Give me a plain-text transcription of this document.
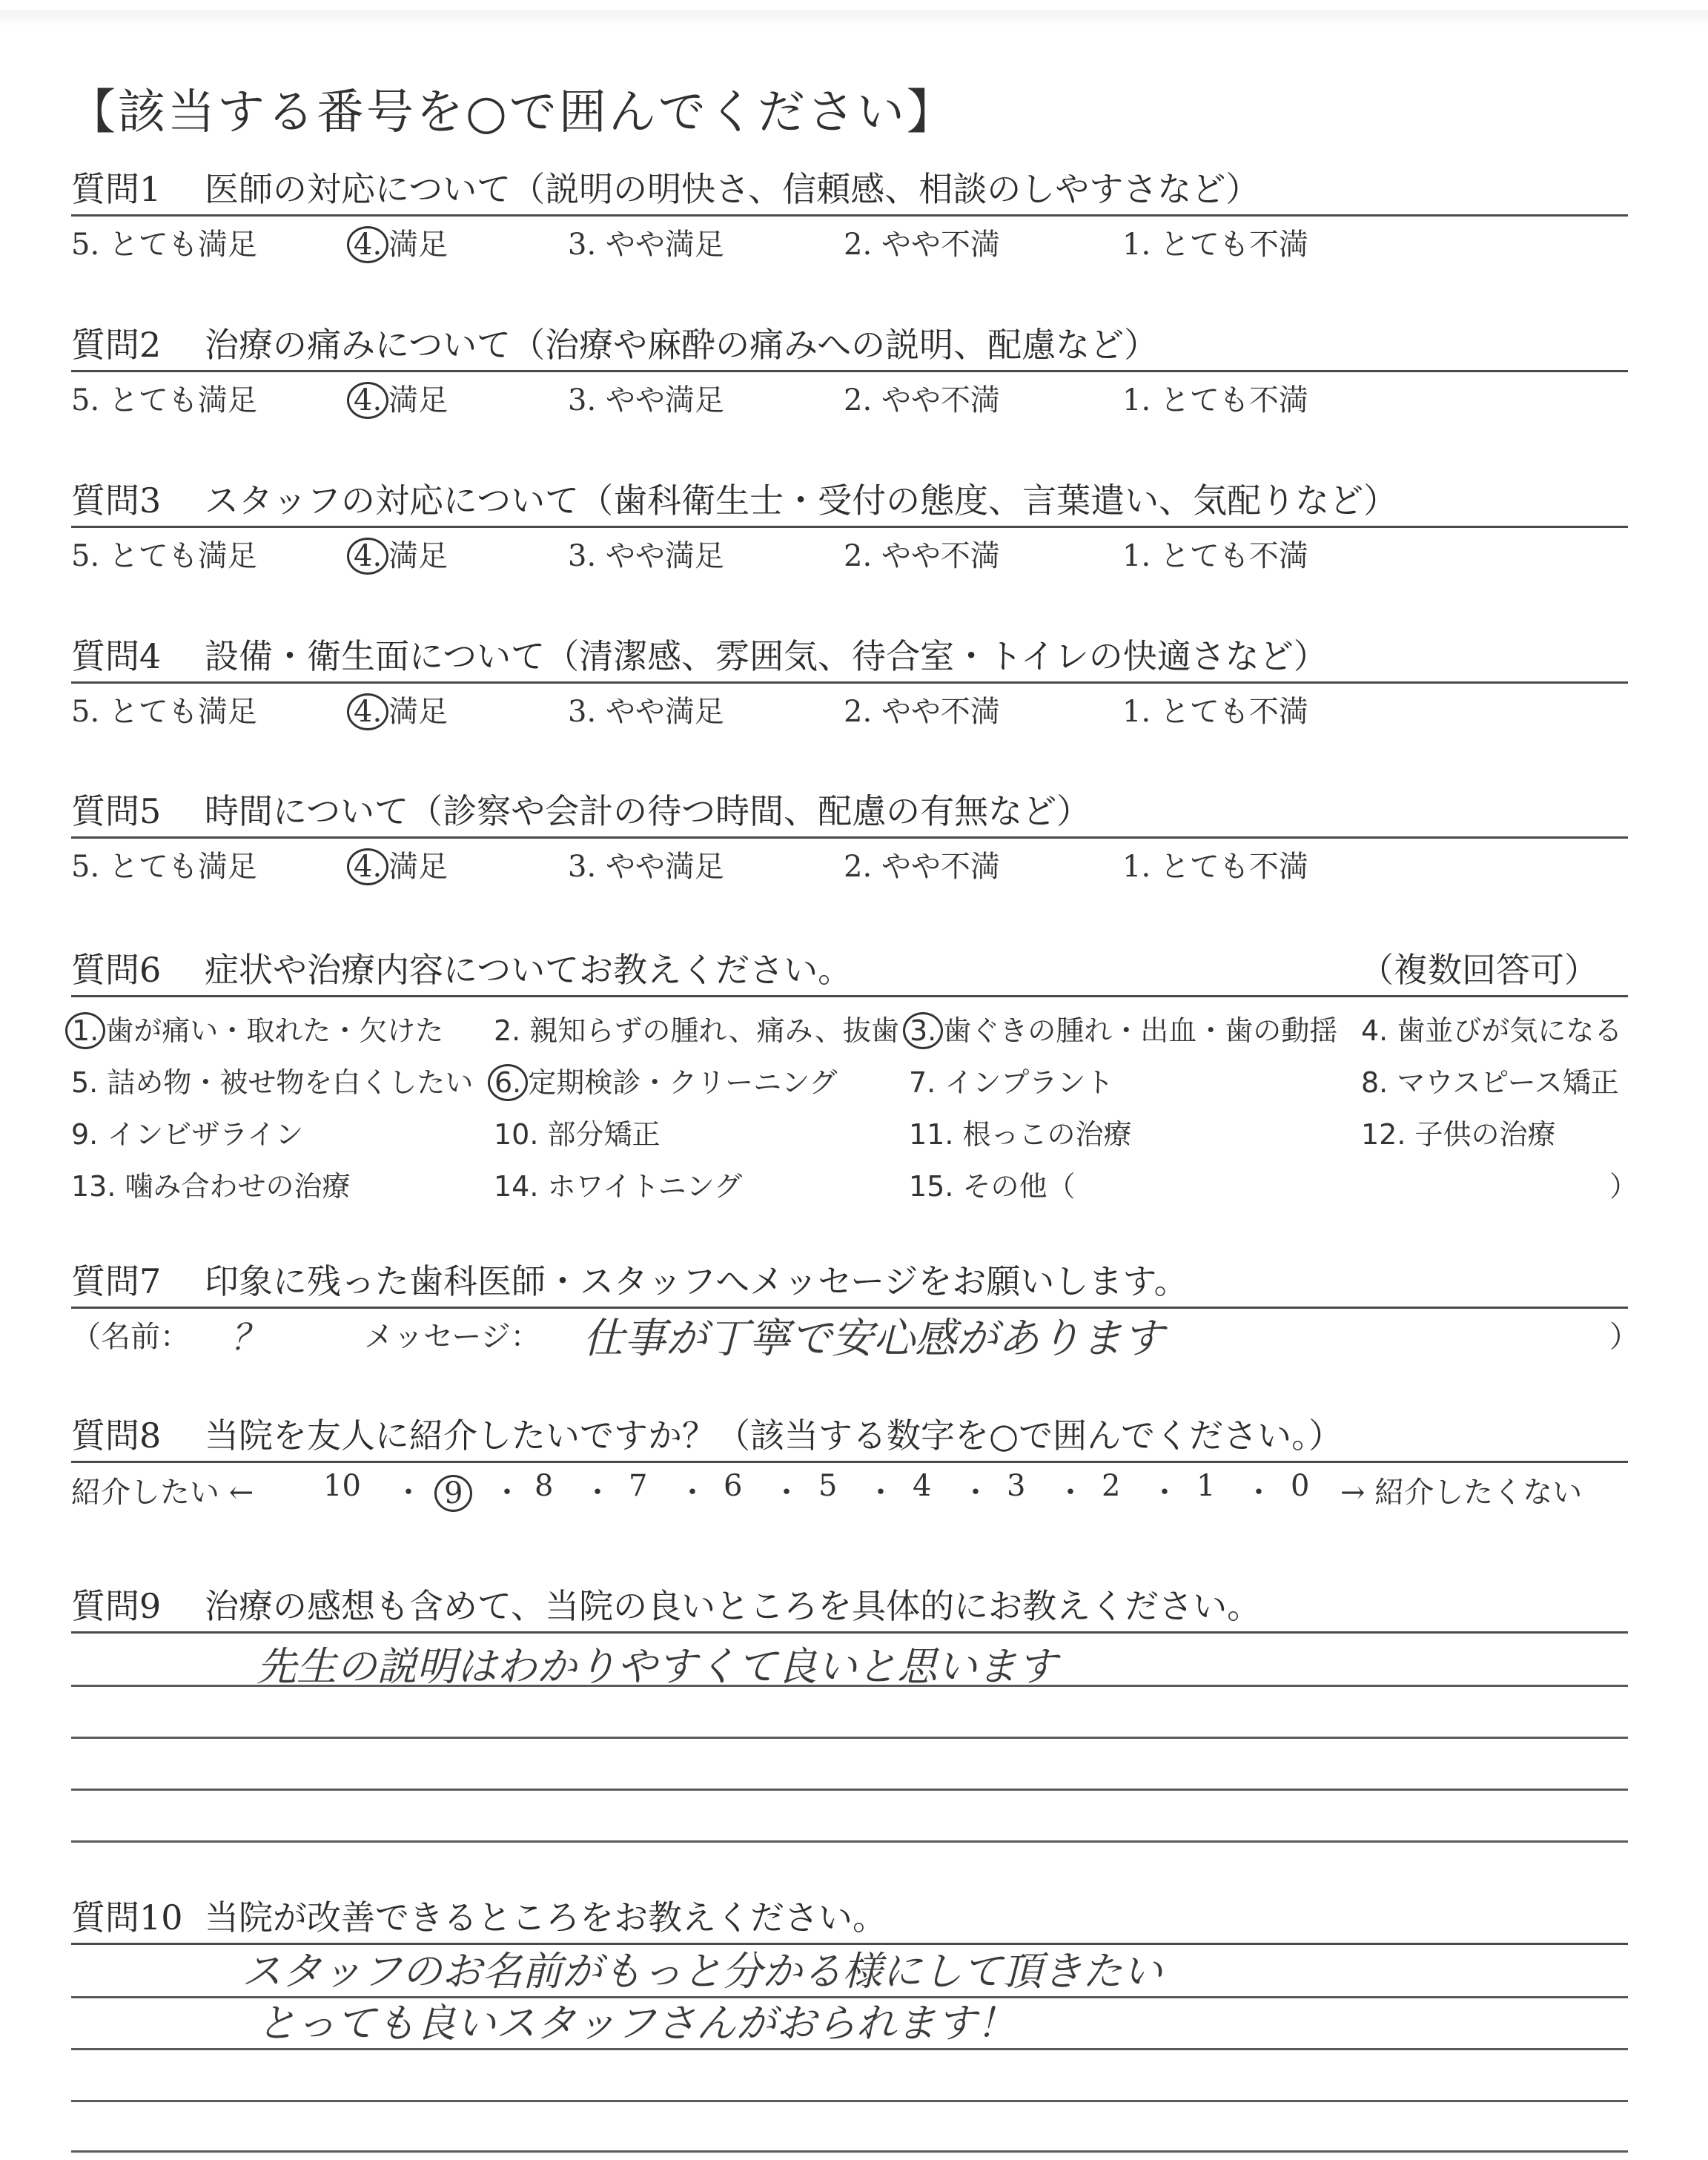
【該当する番号を○で囲んでください】
質問1 医師の対応について（説明の明快さ、信頼感、相談のしやすさなど）
5. とても満足	4. 満足	3. やや満足	2. やや不満	1. とても不満
質問2 治療の痛みについて（治療や麻酔の痛みへの説明、配慮など）
5. とても満足	4. 満足	3. やや満足	2. やや不満	1. とても不満
質問3 スタッフの対応について（歯科衛生士・受付の態度、言葉遣い、気配りなど）
5. とても満足	4. 満足	3. やや満足	2. やや不満	1. とても不満
質問4 設備・衛生面について（清潔感、雰囲気、待合室・トイレの快適さなど）
5. とても満足	4. 満足	3. やや満足	2. やや不満	1. とても不満
質問5 時間について（診察や会計の待つ時間、配慮の有無など）
5. とても満足	4. 満足	3. やや満足	2. やや不満	1. とても不満
質問6 症状や治療内容についてお教えください。	（複数回答可）
1. 歯が痛い・取れた・欠けた 2. 親知らずの腫れ、痛み、抜歯 3. 歯ぐきの腫れ・出血・歯の動揺 4. 歯並びが気になる
5. 詰め物・被せ物を白くしたい 6. 定期検診・クリーニング	7. インプラント	8. マウスピース矯正
9. インビザライン	10. 部分矯正	11. 根っこの治療	12. 子供の治療
13. 噛み合わせの治療	14. ホワイトニング	15. その他（	）
質問7 印象に残った歯科医師・スタッフへメッセージをお願いします。
（名前： ？	メッセージ： 仕事が丁寧で安心感があります	）
質問8 当院を友人に紹介したいですか？（該当する数字を○で囲んでください。）
紹介したい ← 10 ・ 9 ・ 8 ・ 7 ・ 6 ・ 5 ・ 4 ・ 3 ・ 2 ・ 1 ・ 0 → 紹介したくない
質問9 治療の感想も含めて、当院の良いところを具体的にお教えください。
先生の説明はわかりやすくて良いと思います
質問10 当院が改善できるところをお教えください。
スタッフのお名前がもっと分かる様にして頂きたい
とっても良いスタッフさんがおられます！
